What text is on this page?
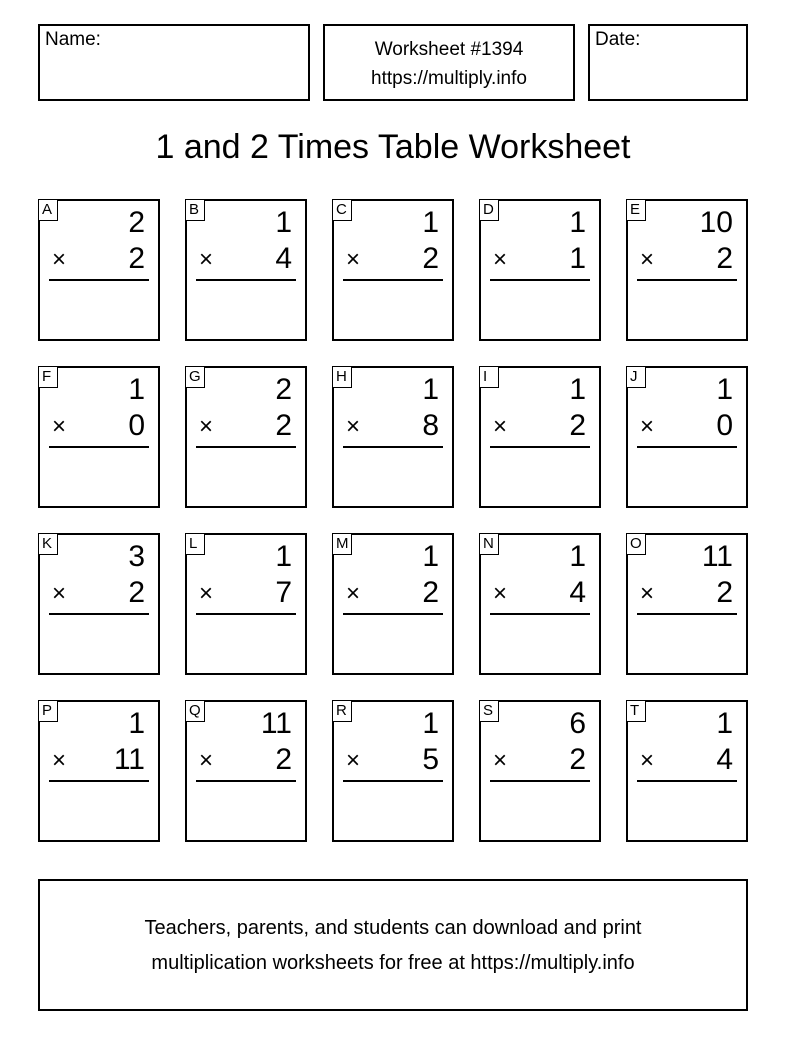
Name:	Worksheet #1394
https://multiply.info
Date:
1 and 2 Times Table Worksheet
A	2
× 2
B	1
× 4
C	1
× 2
D	1
× 1
E 10
× 2
F	1
× 0
G 2
× 2
H	1
× 8
I	1
× 2
J	1
× 0
K	3
× 2
L	1
× 7
M 1
× 2
N	1
× 4
O 11
× 2
P	1
× 11
Q 11
× 2
R	1
× 5
S	6
× 2
T	1
× 4
Teachers, parents, and students can download and print
multiplication worksheets for free at https://multiply.info
